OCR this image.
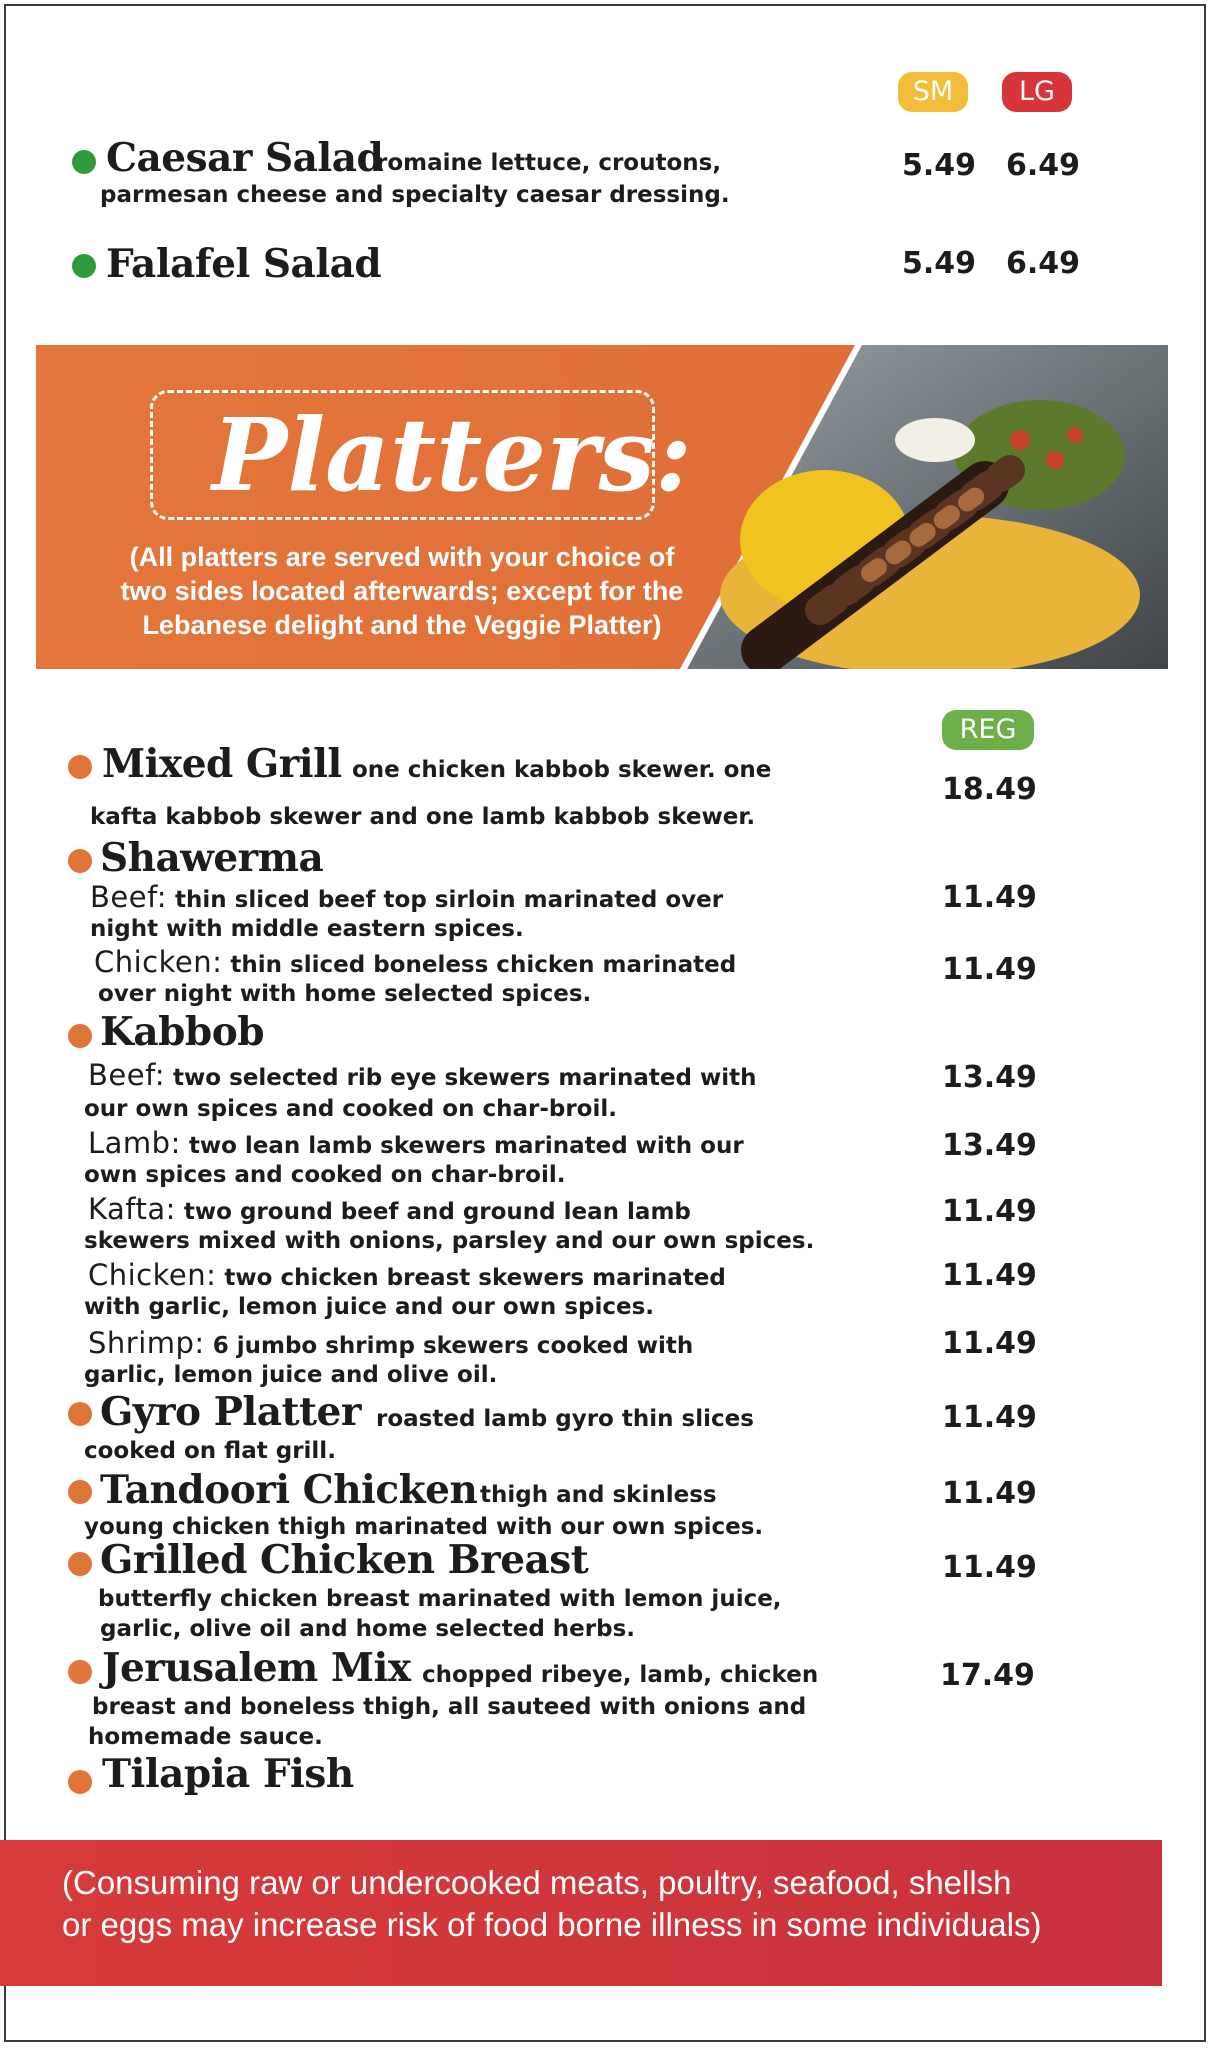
SM	LG
Caesar Salad
romaine lettuce, croutons,
parmesan cheese and specialty caesar dressing.
5.49 6.49
Falafel Salad	5.49 6.49
Platters:
(All platters are served with your choice of
two sides located afterwards; except for the
Lebanese delight and the Veggie Platter)
REG
Mixed Grill one chicken kabbob skewer. one
kafta kabbob skewer and one lamb kabbob skewer.
18.49
Shawerma
Beef: thin sliced beef top sirloin marinated over
night with middle eastern spices.
11.49
Chicken: thin sliced boneless chicken marinated
over night with home selected spices.
11.49
Kabbob
Beef: two selected rib eye skewers marinated with
our own spices and cooked on char-broil.
13.49
Lamb: two lean lamb skewers marinated with our
own spices and cooked on char-broil.
13.49
Kafta: two ground beef and ground lean lamb
skewers mixed with onions, parsley and our own spices.
11.49
Chicken: two chicken breast skewers marinated
with garlic, lemon juice and our own spices.
11.49
Shrimp: 6 jumbo shrimp skewers cooked with
garlic, lemon juice and olive oil.
11.49
Gyro Platter roasted lamb gyro thin slices
cooked on flat grill.
11.49
Tandoori Chicken thigh and skinless
young chicken thigh marinated with our own spices.
11.49
Grilled Chicken Breast
butterfly chicken breast marinated with lemon juice,
garlic, olive oil and home selected herbs.
11.49
Jerusalem Mix chopped ribeye, lamb, chicken
breast and boneless thigh, all sauteed with onions and
homemade sauce.
17.49
Tilapia Fish
(Consuming raw or undercooked meats, poultry, seafood, shellsh
or eggs may increase risk of food borne illness in some individuals)
